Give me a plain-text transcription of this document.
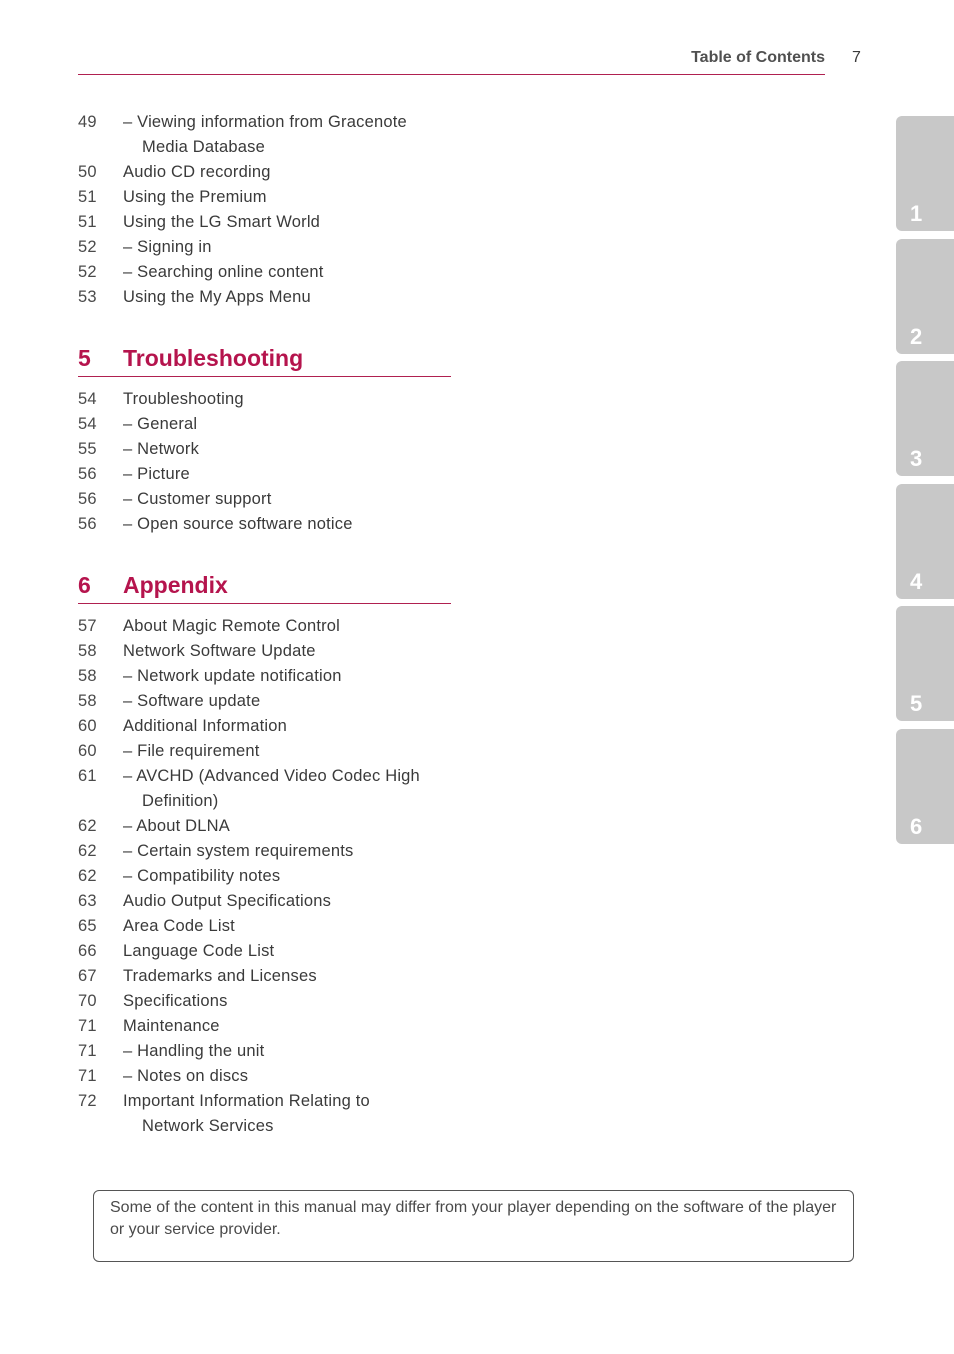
Table of Contents 7
49	– Viewing information from Gracenote
Media Database
50	Audio CD recording
51	Using the Premium
51	Using the LG Smart World
52	– Signing in
52	– Searching online content
53	Using the My Apps Menu
5 Troubleshooting
54	Troubleshooting
54	– General
55	– Network
56	– Picture
56	– Customer support
56	– Open source software notice
6 Appendix
57	About Magic Remote Control
58	Network Software Update
58	– Network update notification
58	– Software update
60	Additional Information
60	– File requirement
61	– AVCHD (Advanced Video Codec High
Definition)
62	– About DLNA
62	– Certain system requirements
62	– Compatibility notes
63	Audio Output Specifications
65	Area Code List
66	Language Code List
67	Trademarks and Licenses
70	Specifications
71	Maintenance
71	– Handling the unit
71	– Notes on discs
72	Important Information Relating to
Network Services
1
2
3
4
5
6
Some of the content in this manual may differ from your player depending on the software of the player or your service provider.
